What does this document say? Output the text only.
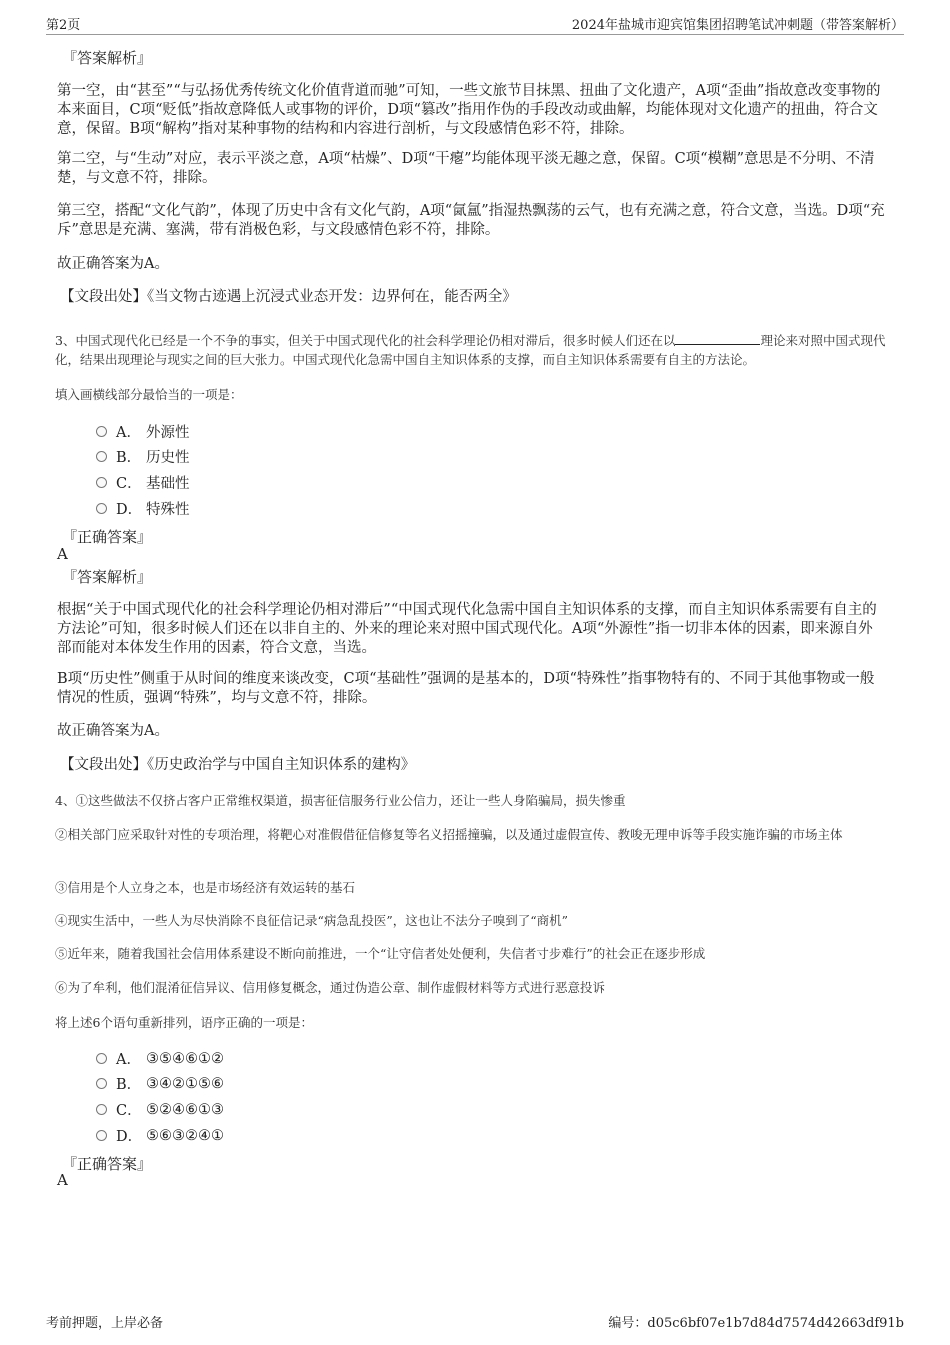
第2页	2024年盐城市迎宾馆集团招聘笔试冲刺题（带答案解析）
『答案解析』
第一空，由“甚至”“与弘扬优秀传统文化价值背道而驰”可知，一些文旅节目抹黑、扭曲了文化遗产，A项“歪曲”指故意改变事物的本来面目，C项“贬低”指故意降低人或事物的评价，D项“篡改”指用作伪的手段改动或曲解，均能体现对文化遗产的扭曲，符合文意，保留。B项“解构”指对某种事物的结构和内容进行剖析，与文段感情色彩不符，排除。
第二空，与“生动”对应，表示平淡之意，A项“枯燥”、D项“干瘪”均能体现平淡无趣之意，保留。C项“模糊”意思是不分明、不清楚，与文意不符，排除。
第三空，搭配“文化气韵”，体现了历史中含有文化气韵，A项“氤氲”指湿热飘荡的云气，也有充满之意，符合文意，当选。D项“充斥”意思是充满、塞满，带有消极色彩，与文段感情色彩不符，排除。
故正确答案为A。
【文段出处】《当文物古迹遇上沉浸式业态开发：边界何在，能否两全》
3、中国式现代化已经是一个不争的事实，但关于中国式现代化的社会科学理论仍相对滞后，很多时候人们还在以	理论来对照中国式现代化，结果出现理论与现实之间的巨大张力。中国式现代化急需中国自主知识体系的支撑，而自主知识体系需要有自主的方法论。
填入画横线部分最恰当的一项是：
A． 外源性
B． 历史性
C． 基础性
D． 特殊性
『正确答案』
A
『答案解析』
根据“关于中国式现代化的社会科学理论仍相对滞后”“中国式现代化急需中国自主知识体系的支撑，而自主知识体系需要有自主的方法论”可知，很多时候人们还在以非自主的、外来的理论来对照中国式现代化。A项“外源性”指一切非本体的因素，即来源自外部而能对本体发生作用的因素，符合文意，当选。
B项“历史性”侧重于从时间的维度来谈改变，C项“基础性”强调的是基本的，D项“特殊性”指事物特有的、不同于其他事物或一般情况的性质，强调“特殊”，均与文意不符，排除。
故正确答案为A。
【文段出处】《历史政治学与中国自主知识体系的建构》
4、①这些做法不仅挤占客户正常维权渠道，损害征信服务行业公信力，还让一些人身陷骗局，损失惨重
②相关部门应采取针对性的专项治理，将靶心对准假借征信修复等名义招摇撞骗，以及通过虚假宣传、教唆无理申诉等手段实施诈骗的市场主体
③信用是个人立身之本，也是市场经济有效运转的基石
④现实生活中，一些人为尽快消除不良征信记录“病急乱投医”，这也让不法分子嗅到了“商机”
⑤近年来，随着我国社会信用体系建设不断向前推进，一个“让守信者处处便利，失信者寸步难行”的社会正在逐步形成
⑥为了牟利，他们混淆征信异议、信用修复概念，通过伪造公章、制作虚假材料等方式进行恶意投诉
将上述6个语句重新排列，语序正确的一项是：
A． ③⑤④⑥①②
B． ③④②①⑤⑥
C． ⑤②④⑥①③
D． ⑤⑥③②④①
『正确答案』
A
考前押题，上岸必备	编号：d05c6bf07e1b7d84d7574d42663df91b
